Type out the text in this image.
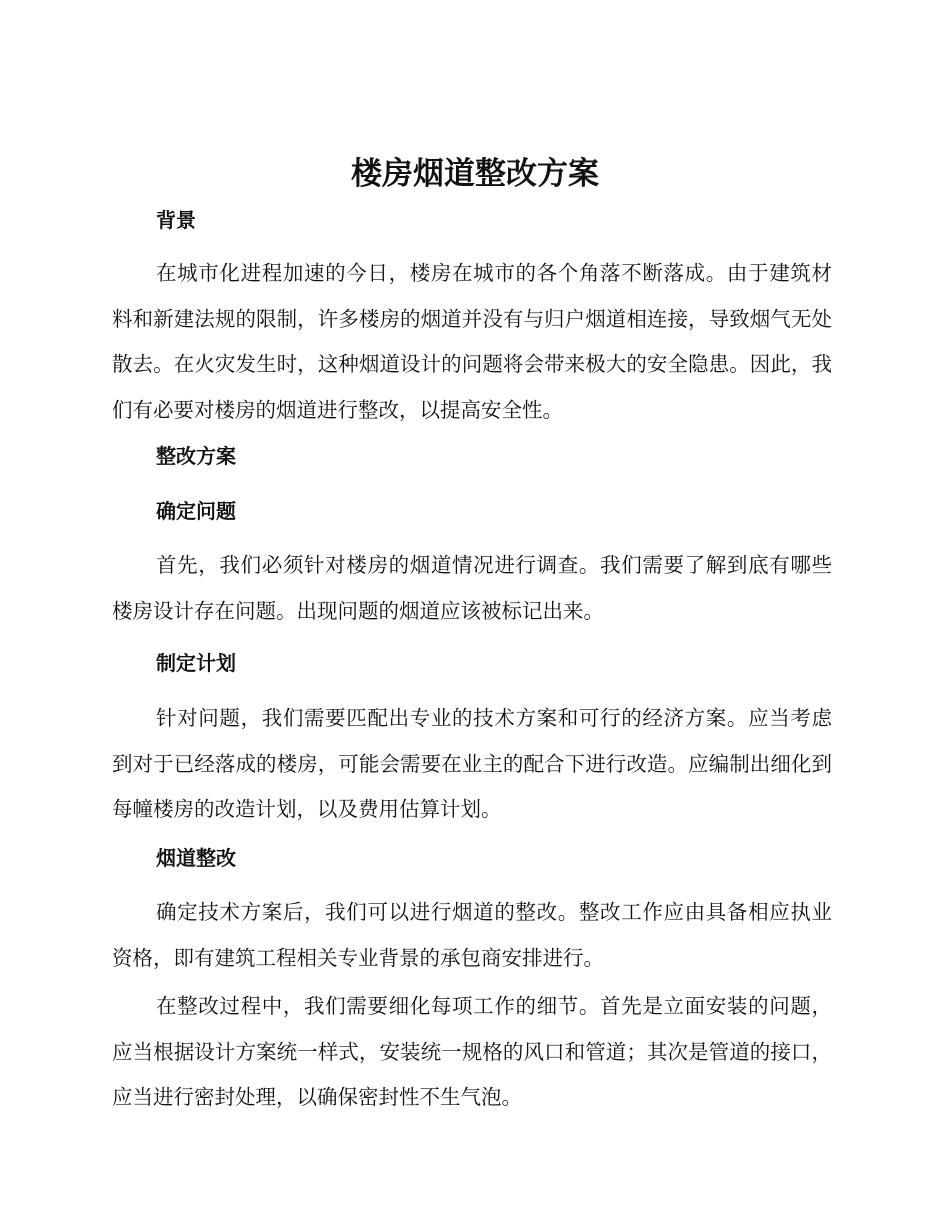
楼房烟道整改方案
背景

在城市化进程加速的今日，楼房在城市的各个角落不断落成。由于建筑材料和新建法规的限制，许多楼房的烟道并没有与归户烟道相连接，导致烟气无处散去。在火灾发生时，这种烟道设计的问题将会带来极大的安全隐患。因此，我们有必要对楼房的烟道进行整改，以提高安全性。

整改方案
确定问题

首先，我们必须针对楼房的烟道情况进行调查。我们需要了解到底有哪些楼房设计存在问题。出现问题的烟道应该被标记出来。

制定计划

针对问题，我们需要匹配出专业的技术方案和可行的经济方案。应当考虑到对于已经落成的楼房，可能会需要在业主的配合下进行改造。应编制出细化到每幢楼房的改造计划，以及费用估算计划。

烟道整改

确定技术方案后，我们可以进行烟道的整改。整改工作应由具备相应执业资格，即有建筑工程相关专业背景的承包商安排进行。

在整改过程中，我们需要细化每项工作的细节。首先是立面安装的问题，应当根据设计方案统一样式，安装统一规格的风口和管道；其次是管道的接口，应当进行密封处理，以确保密封性不生气泡。
